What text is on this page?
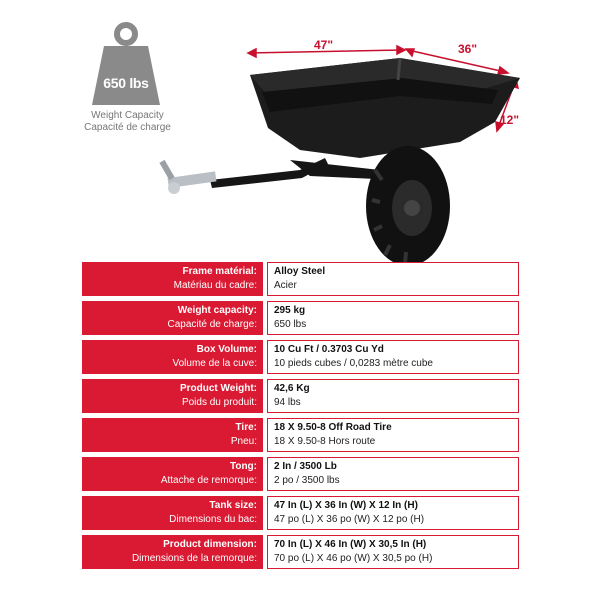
650 lbs
Weight Capacity
Capacité de charge
47"	36"
12"
Frame matérial:
Matériau du cadre:
Alloy Steel
Acier
Weight capacity:
Capacité de charge:
295 kg
650 lbs
Box Volume:
Volume de la cuve:
10 Cu Ft / 0.3703 Cu Yd
10 pieds cubes / 0,0283 mètre cube
Product Weight:
Poids du produit:
42,6 Kg
94 lbs
Tire:
Pneu:
18 X 9.50-8 Off Road Tire
18 X 9.50-8 Hors route
Tong:
Attache de remorque:
2 In / 3500 Lb
2 po / 3500 lbs
Tank size:
Dimensions du bac:
47 In (L) X 36 In (W) X 12 In (H)
47 po (L) X 36 po (W) X 12 po (H)
Product dimension:
Dimensions de la remorque:
70 In (L) X 46 In (W) X 30,5 In (H)
70 po (L) X 46 po (W) X 30,5 po (H)
